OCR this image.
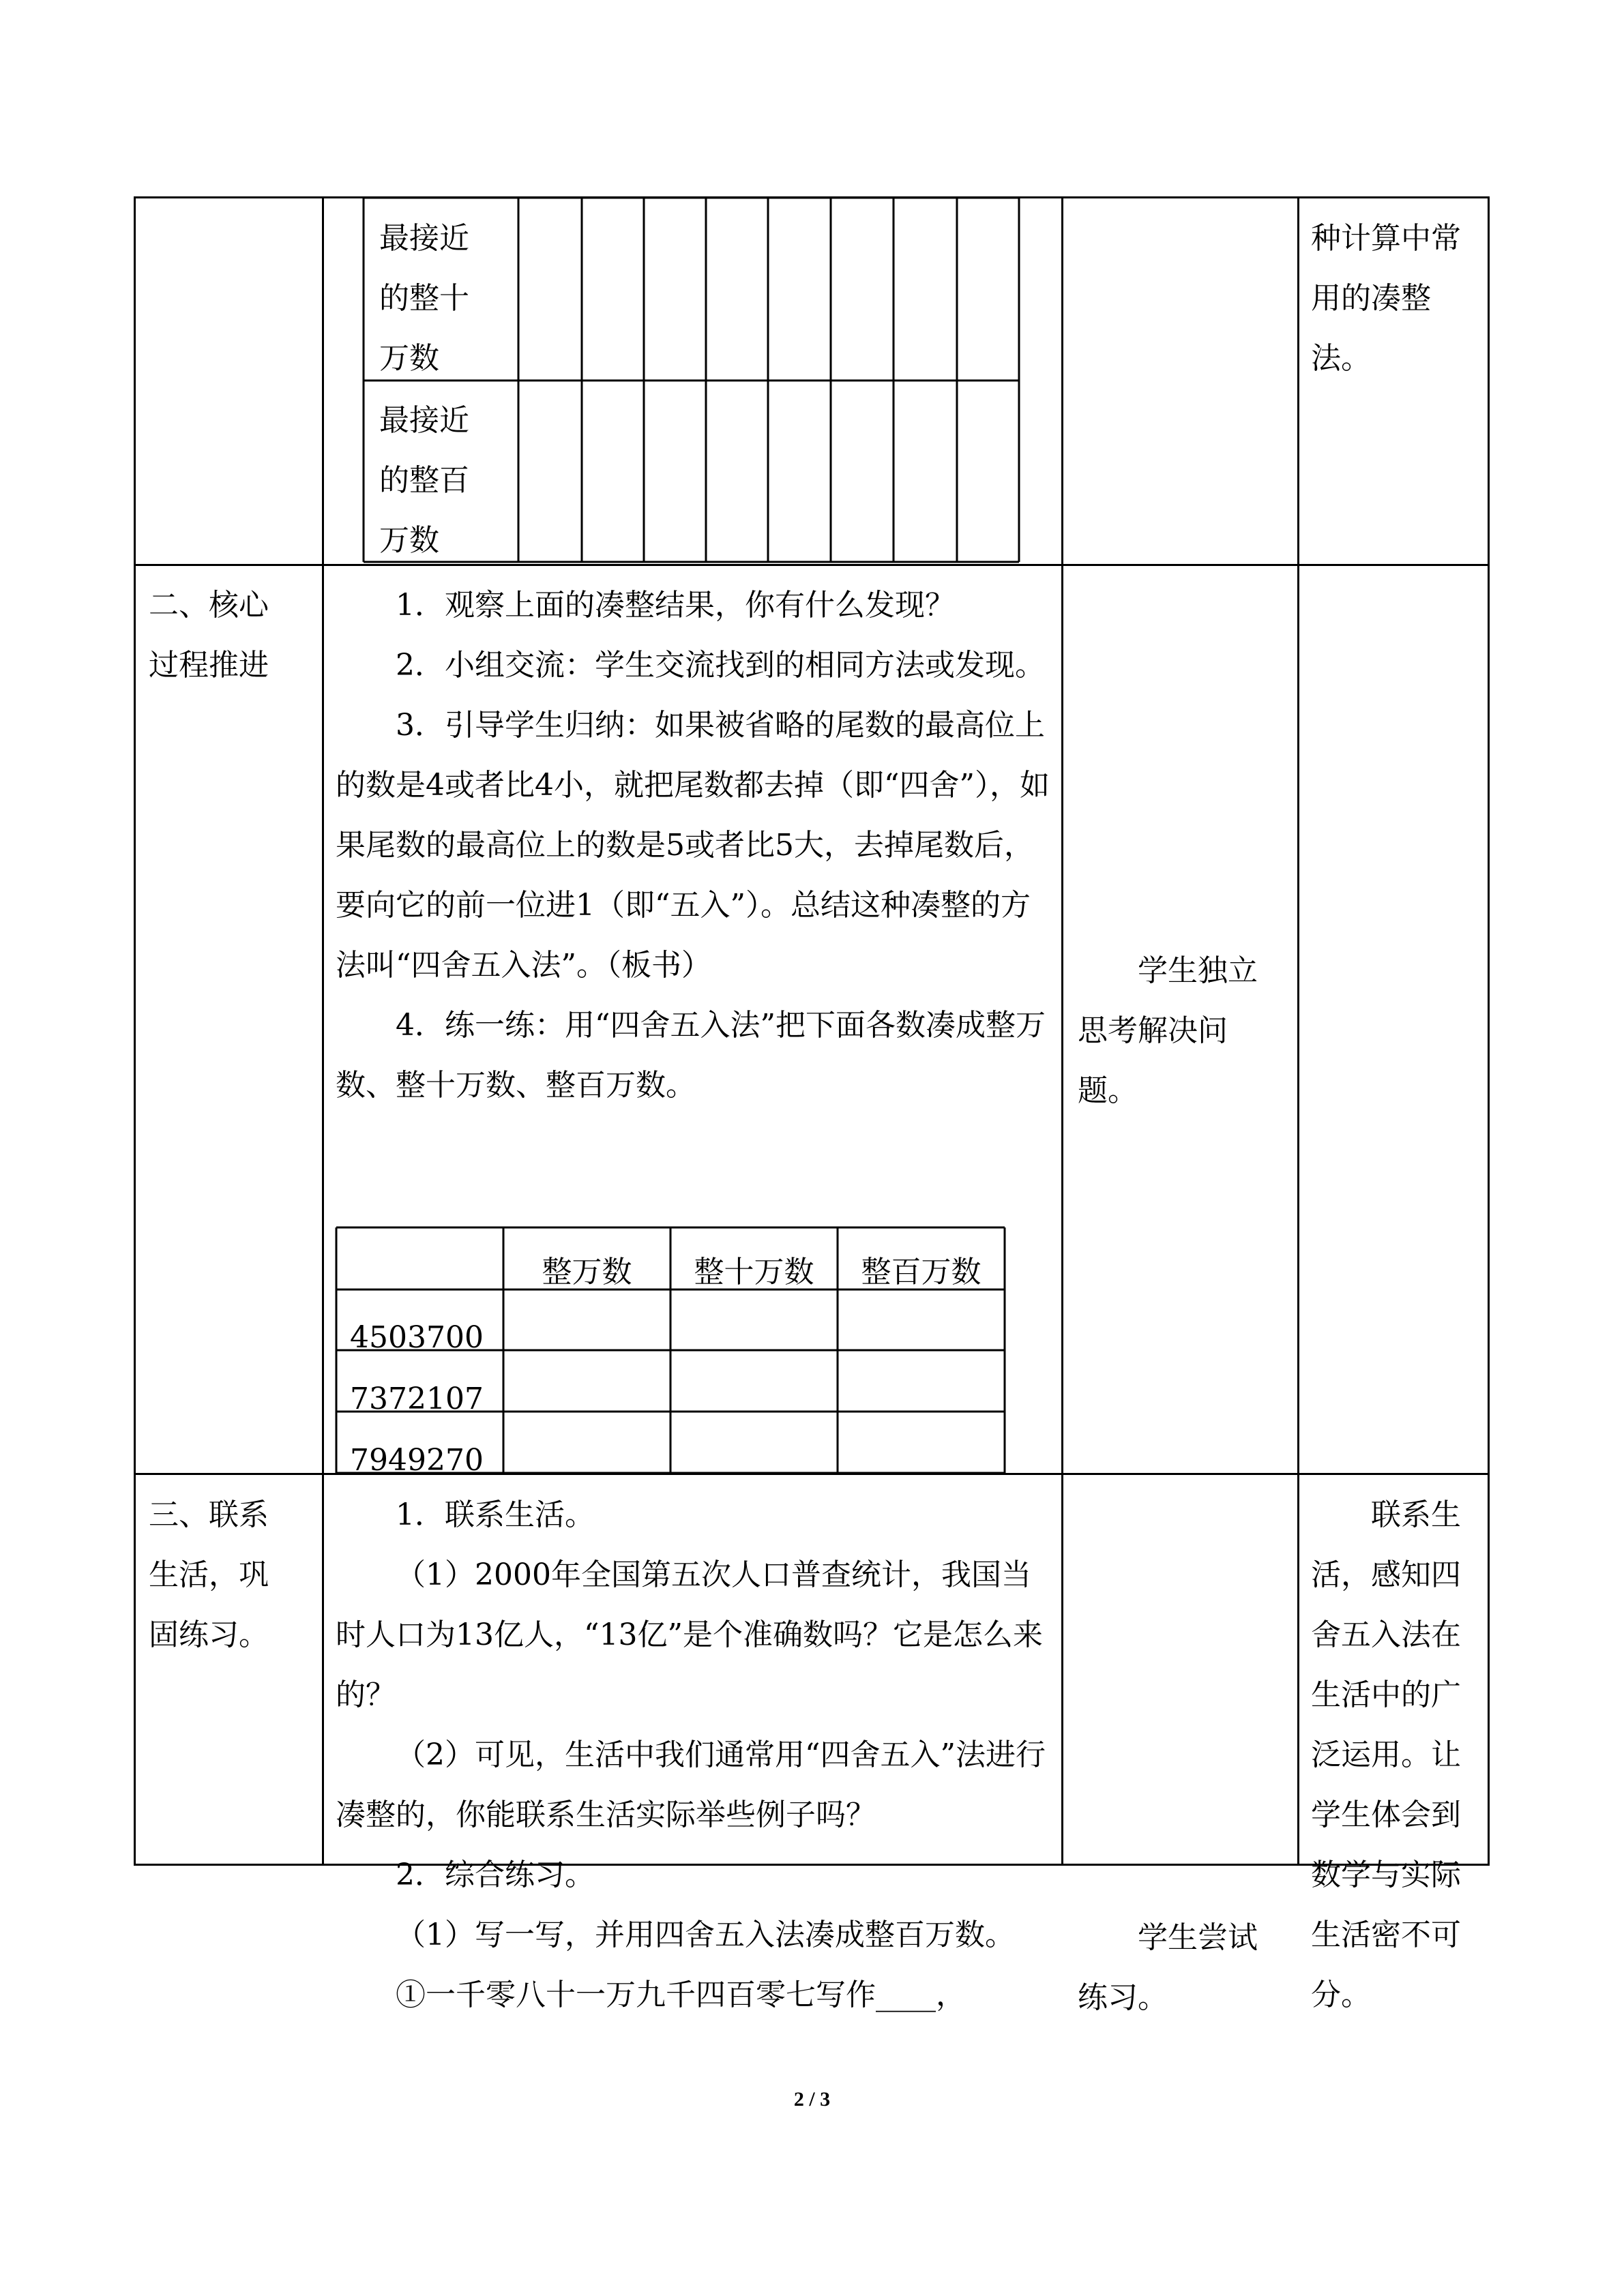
最接近
的整十
万数
最接近
的整百
万数
种计算中常
用的凑整
法。
二、核心
过程推进

1．观察上面的凑整结果，你有什么发现？

2．小组交流：学生交流找到的相同方法或发现。

3．引导学生归纳：如果被省略的尾数的最高位上的数是4或者比4小，就把尾数都去掉（即“四舍”），如果尾数的最高位上的数是5或者比5大，去掉尾数后，要向它的前一位进1（即“五入”）。总结这种凑整的方法叫“四舍五入法”。（板书）

4．练一练：用“四舍五入法”把下面各数凑成整万数、整十万数、整百万数。

整万数	整十万数	整百万数
4503700
7372107
7949270
学生独立
思考解决问
题。
三、联系
生活，巩
固练习。

1．联系生活。

（1）2000年全国第五次人口普查统计，我国当时人口为13亿人，“13亿”是个准确数吗？它是怎么来的？

（2）可见，生活中我们通常用“四舍五入”法进行凑整的，你能联系生活实际举些例子吗？

2．综合练习。

（1）写一写，并用四舍五入法凑成整百万数。

①一千零八十一万九千四百零七写作____，

学生尝试
练习。
联系生
活，感知四
舍五入法在
生活中的广
泛运用。让
学生体会到
数学与实际
生活密不可
分。
2 / 3
